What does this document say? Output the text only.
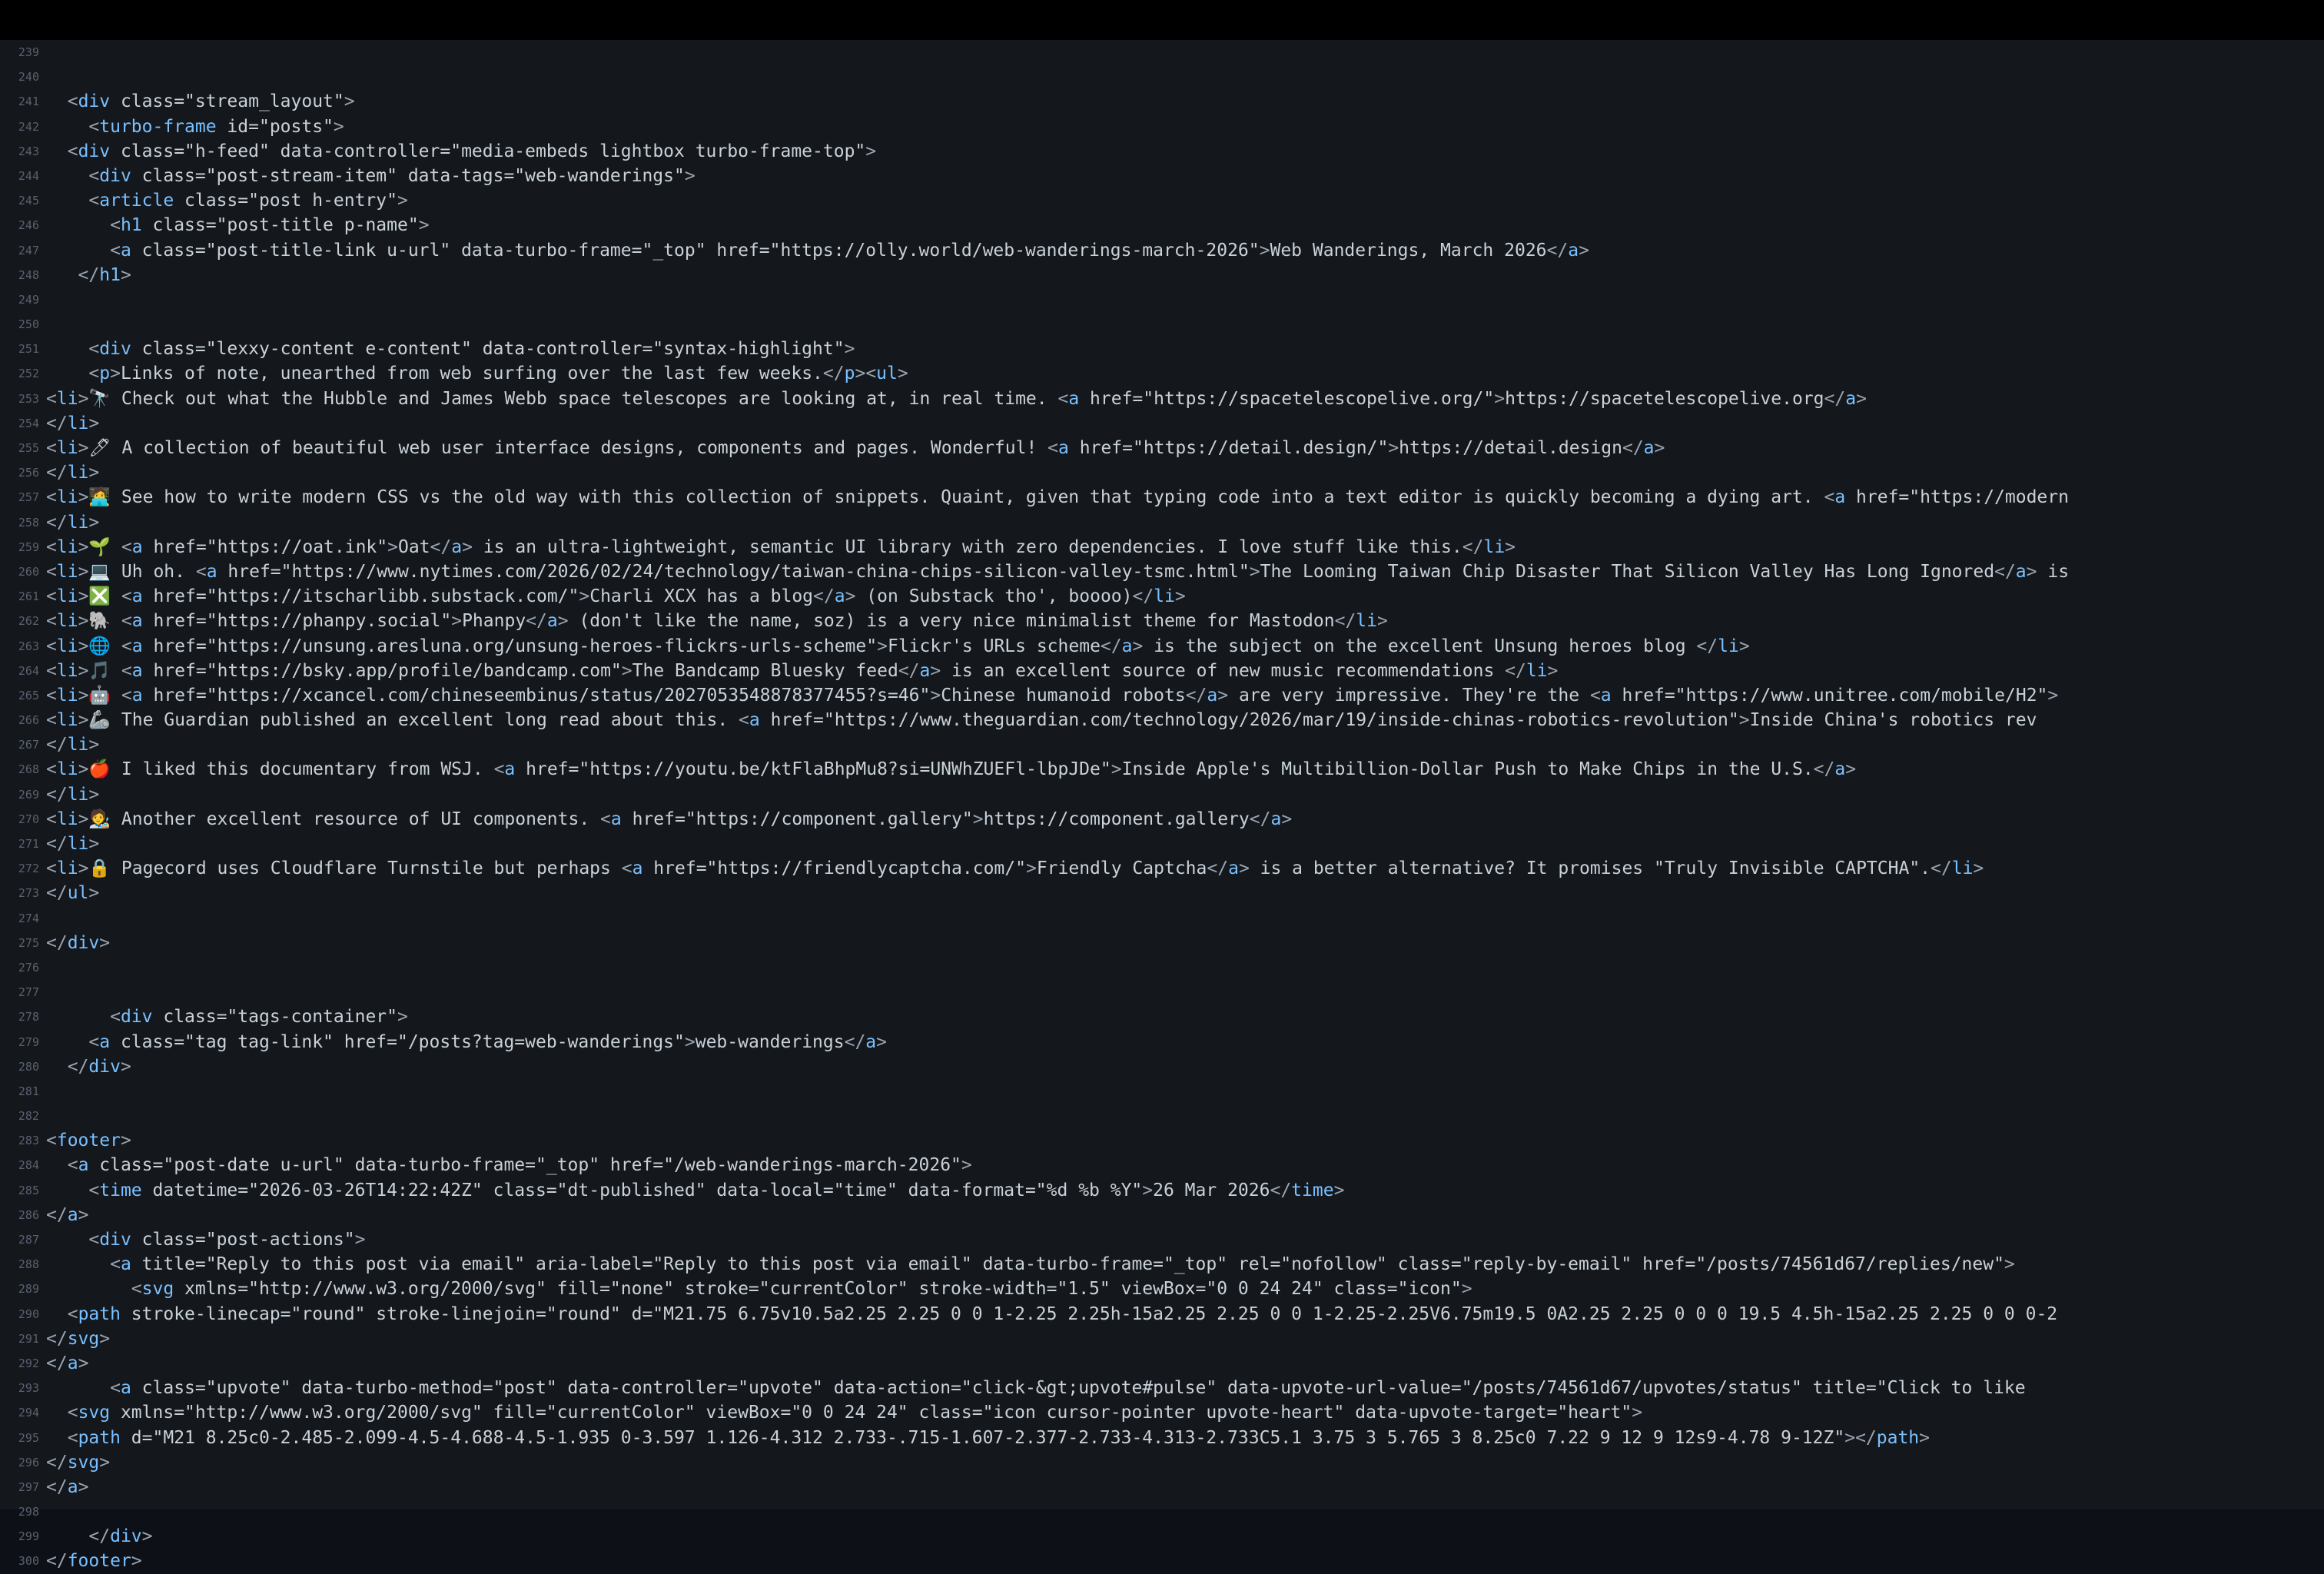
239
240
241
242
243
244
245
246
247
248
249
250
251
252
253
254
255
256
257
258
259
260
261
262
263
264
265
266
267
268
269
270
271
272
273
274
275
276
277
278
279
280
281
282
283
284
285
286
287
288
289
290
291
292
293
294
295
296
297
298
299
300

<div class="stream_layout">
<turbo-frame id="posts">
<div class="h-feed" data-controller="media-embeds lightbox turbo-frame-top">
<div class="post-stream-item" data-tags="web-wanderings">
<article class="post h-entry">
<h1 class="post-title p-name">
<a class="post-title-link u-url" data-turbo-frame="_top" href="https://olly.world/web-wanderings-march-2026">Web Wanderings, March 2026</a>
</h1>

<div class="lexxy-content e-content" data-controller="syntax-highlight">
<p>Links of note, unearthed from web surfing over the last few weeks.</p><ul>
<li>🔭 Check out what the Hubble and James Webb space telescopes are looking at, in real time. <a href="https://spacetelescopelive.org/">https://spacetelescopelive.org</a>
</li>
<li>🖊 A collection of beautiful web user interface designs, components and pages. Wonderful! <a href="https://detail.design/">https://detail.design</a>
</li>
<li>🧑‍💻 See how to write modern CSS vs the old way with this collection of snippets. Quaint, given that typing code into a text editor is quickly becoming a dying art. <a href="https://modern
</li>
<li>🌱 <a href="https://oat.ink">Oat</a> is an ultra-lightweight, semantic UI library with zero dependencies. I love stuff like this.</li>
<li>💻 Uh oh. <a href="https://www.nytimes.com/2026/02/24/technology/taiwan-china-chips-silicon-valley-tsmc.html">The Looming Taiwan Chip Disaster That Silicon Valley Has Long Ignored</a> is
<li>❎ <a href="https://itscharlibb.substack.com/">Charli XCX has a blog</a> (on Substack tho', boooo)</li>
<li>🐘 <a href="https://phanpy.social">Phanpy</a> (don't like the name, soz) is a very nice minimalist theme for Mastodon</li>
<li>🌐 <a href="https://unsung.aresluna.org/unsung-heroes-flickrs-urls-scheme">Flickr's URLs scheme</a> is the subject on the excellent Unsung heroes blog </li>
<li>🎵 <a href="https://bsky.app/profile/bandcamp.com">The Bandcamp Bluesky feed</a> is an excellent source of new music recommendations </li>
<li>🤖 <a href="https://xcancel.com/chineseembinus/status/2027053548878377455?s=46">Chinese humanoid robots</a> are very impressive. They're the <a href="https://www.unitree.com/mobile/H2">
<li>🦾 The Guardian published an excellent long read about this. <a href="https://www.theguardian.com/technology/2026/mar/19/inside-chinas-robotics-revolution">Inside China's robotics rev
</li>
<li>🍎 I liked this documentary from WSJ. <a href="https://youtu.be/ktFlaBhpMu8?si=UNWhZUEFl-lbpJDe">Inside Apple's Multibillion-Dollar Push to Make Chips in the U.S.</a>
</li>
<li>🧑‍🎨 Another excellent resource of UI components. <a href="https://component.gallery">https://component.gallery</a>
</li>
<li>🔒 Pagecord uses Cloudflare Turnstile but perhaps <a href="https://friendlycaptcha.com/">Friendly Captcha</a> is a better alternative? It promises "Truly Invisible CAPTCHA".</li>
</ul>

</div>

<div class="tags-container">
<a class="tag tag-link" href="/posts?tag=web-wanderings">web-wanderings</a>
</div>

<footer>
<a class="post-date u-url" data-turbo-frame="_top" href="/web-wanderings-march-2026">
<time datetime="2026-03-26T14:22:42Z" class="dt-published" data-local="time" data-format="%d %b %Y">26 Mar 2026</time>
</a>
<div class="post-actions">
<a title="Reply to this post via email" aria-label="Reply to this post via email" data-turbo-frame="_top" rel="nofollow" class="reply-by-email" href="/posts/74561d67/replies/new">
<svg xmlns="http://www.w3.org/2000/svg" fill="none" stroke="currentColor" stroke-width="1.5" viewBox="0 0 24 24" class="icon">
<path stroke-linecap="round" stroke-linejoin="round" d="M21.75 6.75v10.5a2.25 2.25 0 0 1-2.25 2.25h-15a2.25 2.25 0 0 1-2.25-2.25V6.75m19.5 0A2.25 2.25 0 0 0 19.5 4.5h-15a2.25 2.25 0 0 0-2
</svg>
</a>
<a class="upvote" data-turbo-method="post" data-controller="upvote" data-action="click-&gt;upvote#pulse" data-upvote-url-value="/posts/74561d67/upvotes/status" title="Click to like
<svg xmlns="http://www.w3.org/2000/svg" fill="currentColor" viewBox="0 0 24 24" class="icon cursor-pointer upvote-heart" data-upvote-target="heart">
<path d="M21 8.25c0-2.485-2.099-4.5-4.688-4.5-1.935 0-3.597 1.126-4.312 2.733-.715-1.607-2.377-2.733-4.313-2.733C5.1 3.75 3 5.765 3 8.25c0 7.22 9 12 9 12s9-4.78 9-12Z"></path>
</svg>
</a>

</div>
</footer>
